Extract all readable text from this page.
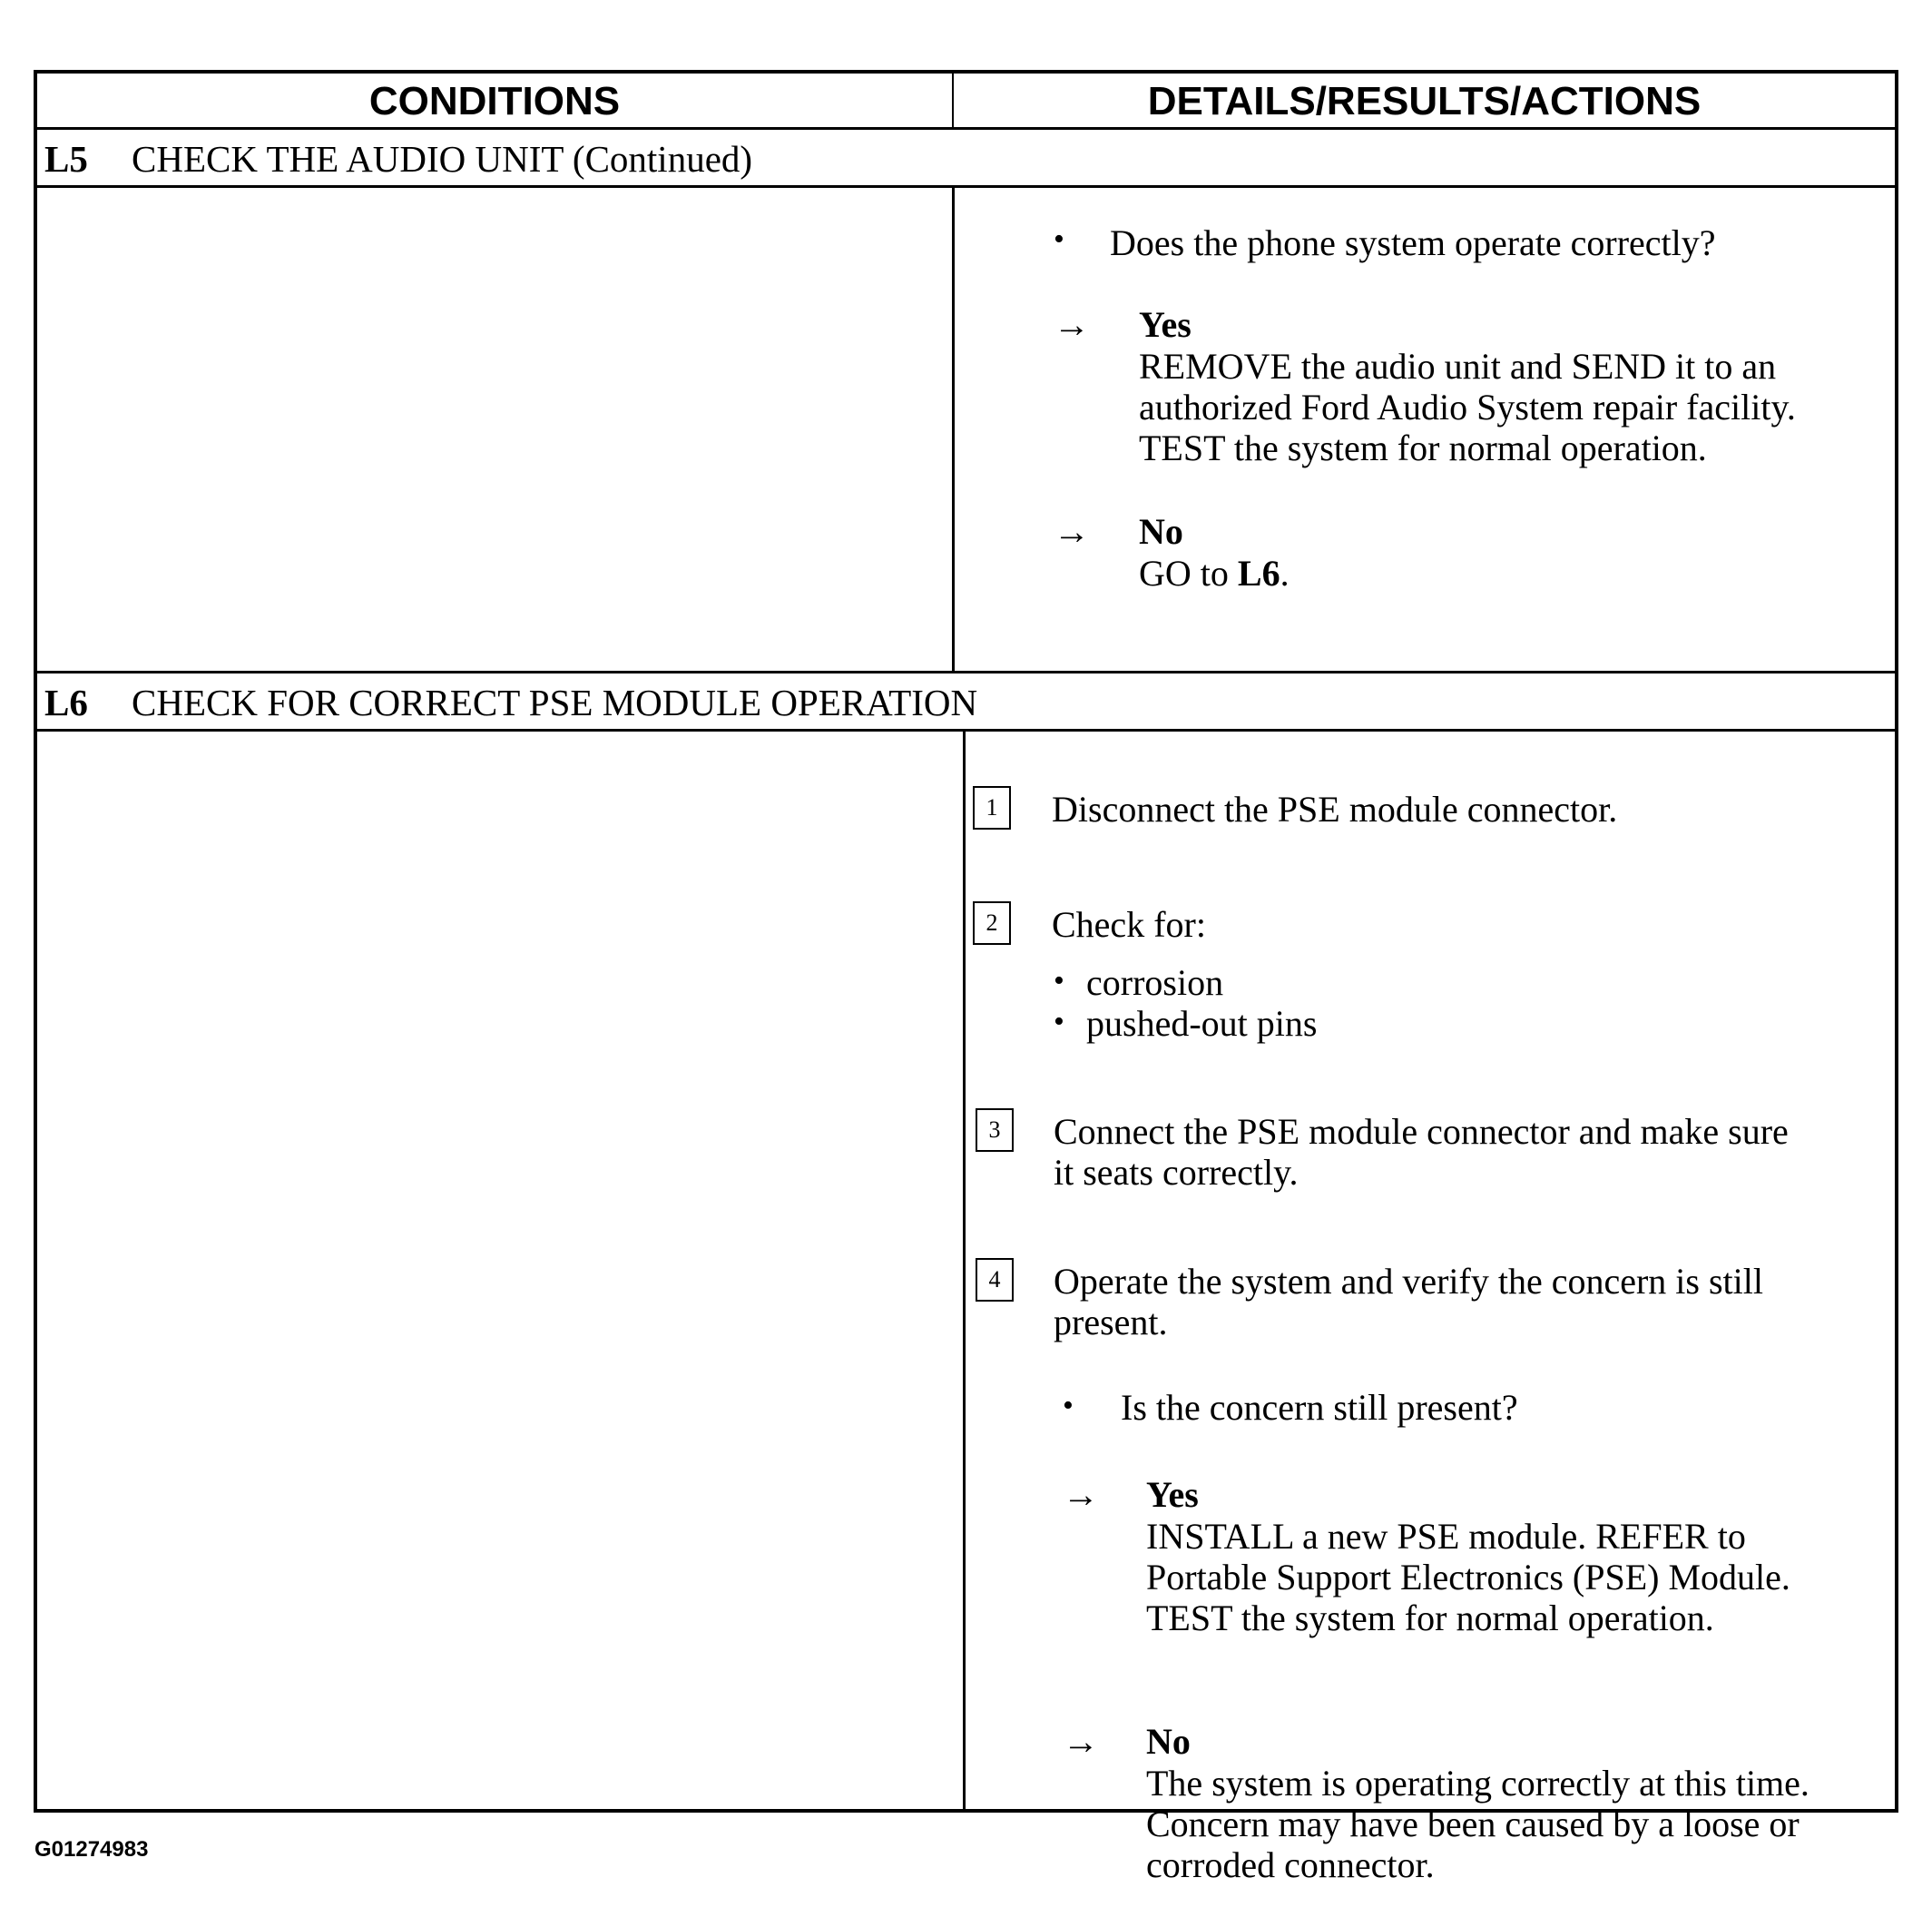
CONDITIONS	DETAILS/RESULTS/ACTIONS
L5 CHECK THE AUDIO UNIT (Continued)
• Does the phone system operate correctly?
→ Yes
REMOVE the audio unit and SEND it to an
authorized Ford Audio System repair facility.
TEST the system for normal operation.
→ No
GO to L6.
L6 CHECK FOR CORRECT PSE MODULE OPERATION
1	Disconnect the PSE module connector.
2	Check for:
• corrosion
• pushed-out pins
3	Connect the PSE module connector and make sure
it seats correctly.
4	Operate the system and verify the concern is still
present.
• Is the concern still present?
→ Yes
INSTALL a new PSE module. REFER to
Portable Support Electronics (PSE) Module.
TEST the system for normal operation.
→ No
The system is operating correctly at this time.
Concern may have been caused by a loose or
corroded connector.
G01274983
